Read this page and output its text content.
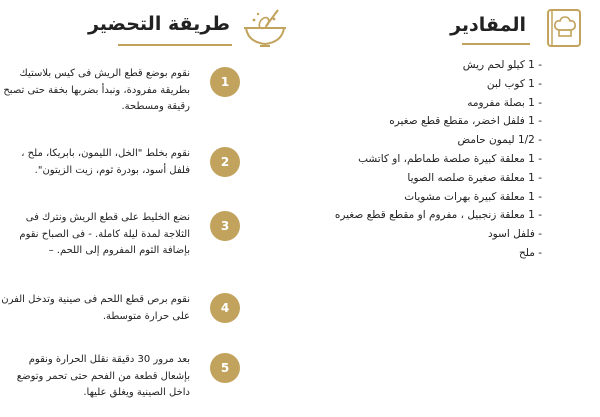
المقادير
- 1 كيلو لحم ريش
- 1 كوب لبن
- 1 بصلة مفرومه
- 1 فلفل اخضر، مقطع قطع صغيره
- 1/2 ليمون حامض
- 1 معلقة كبيرة صلصة طماطم، او كاتشب
- 1 معلقة صغيرة صلصه الصويا
- 1 معلقة كبيرة بهرات مشويات
- 1 معلقة زنجبيل ، مفروم او مقطع قطع صغيره
- فلفل اسود
- ملح
طريقة التحضير
1
نقوم بوضع قطع الريش فى كيس بلاستيك بطريقة مفرودة، ونبدأ بضربها بخفة حتى تصبح رقيقة ومسطحة.
2
نقوم بخلط "الخل، الليمون، بابريكا، ملح ، فلفل أسود، بودرة ثوم، زيت الزيتون".
3
نضع الخليط على قطع الريش ونترك فى الثلاجة لمدة ليلة كاملة. - فى الصباح نقوم بإضافة الثوم المفروم إلى اللحم. –
4
نقوم برص قطع اللحم فى صينية وتدخل الفرن على حرارة متوسطة.
5
بعد مرور 30 دقيقة نقلل الحرارة ونقوم بإشعال قطعة من الفحم حتى تحمر وتوضع داخل الصينية ويغلق عليها.
